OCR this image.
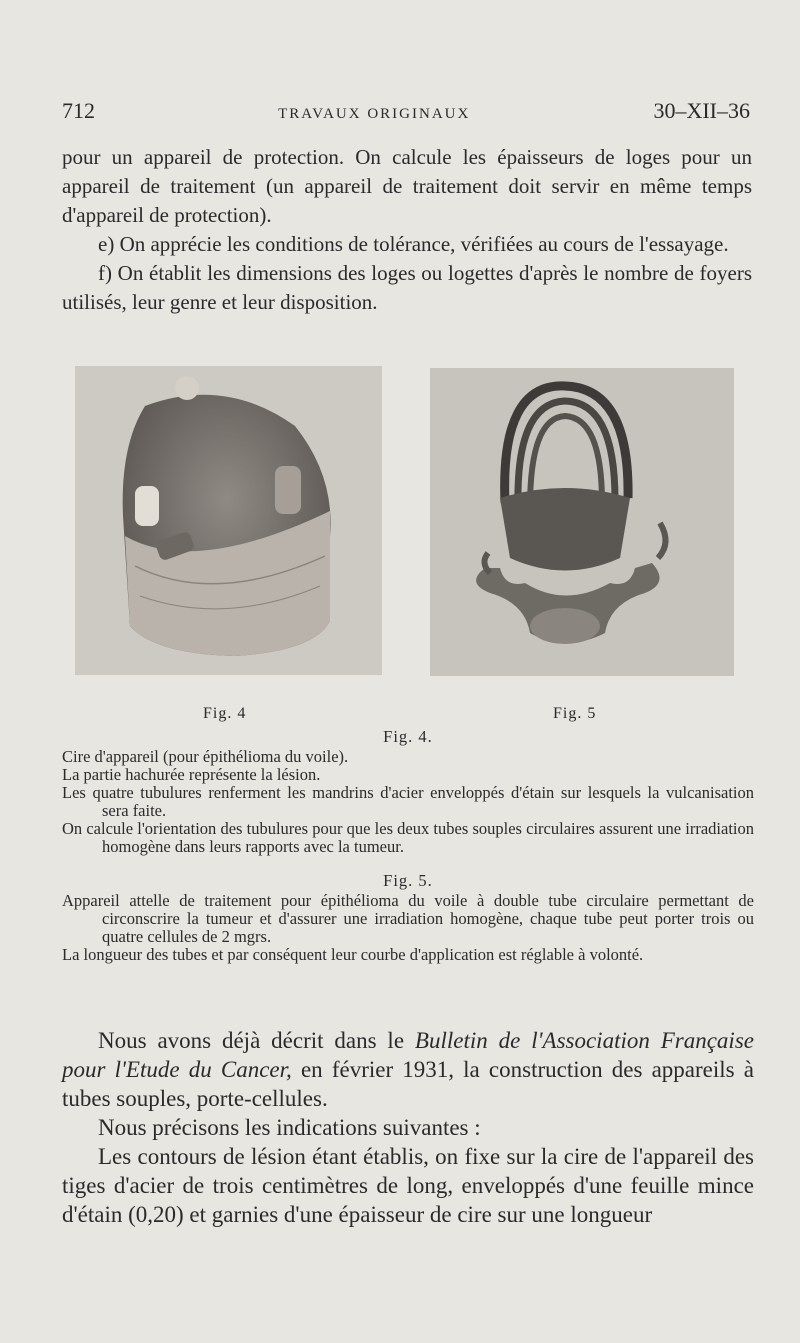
712	TRAVAUX ORIGINAUX	30–XII–36

pour un appareil de protection. On calcule les épaisseurs de loges pour un appareil de traitement (un appareil de traitement doit servir en même temps d'appareil de protection).

e) On apprécie les conditions de tolérance, vérifiées au cours de l'essayage.

f) On établit les dimensions des loges ou logettes d'après le nombre de foyers utilisés, leur genre et leur disposition.

Fig. 4	Fig. 5

Fig. 4.

Cire d'appareil (pour épithélioma du voile).

La partie hachurée représente la lésion.

Les quatre tubulures renferment les mandrins d'acier enveloppés d'étain sur lesquels la vulcanisation sera faite.

On calcule l'orientation des tubulures pour que les deux tubes souples circulaires assurent une irradiation homogène dans leurs rapports avec la tumeur.

Fig. 5.

Appareil attelle de traitement pour épithélioma du voile à double tube circulaire permettant de circonscrire la tumeur et d'assurer une irradiation homogène, chaque tube peut porter trois ou quatre cellules de 2 mgrs.

La longueur des tubes et par conséquent leur courbe d'application est réglable à volonté.

Nous avons déjà décrit dans le Bulletin de l'Association Française pour l'Etude du Cancer, en février 1931, la construction des appareils à tubes souples, porte-cellules.

Nous précisons les indications suivantes :

Les contours de lésion étant établis, on fixe sur la cire de l'appareil des tiges d'acier de trois centimètres de long, enveloppés d'une feuille mince d'étain (0,20) et garnies d'une épaisseur de cire sur une longueur
